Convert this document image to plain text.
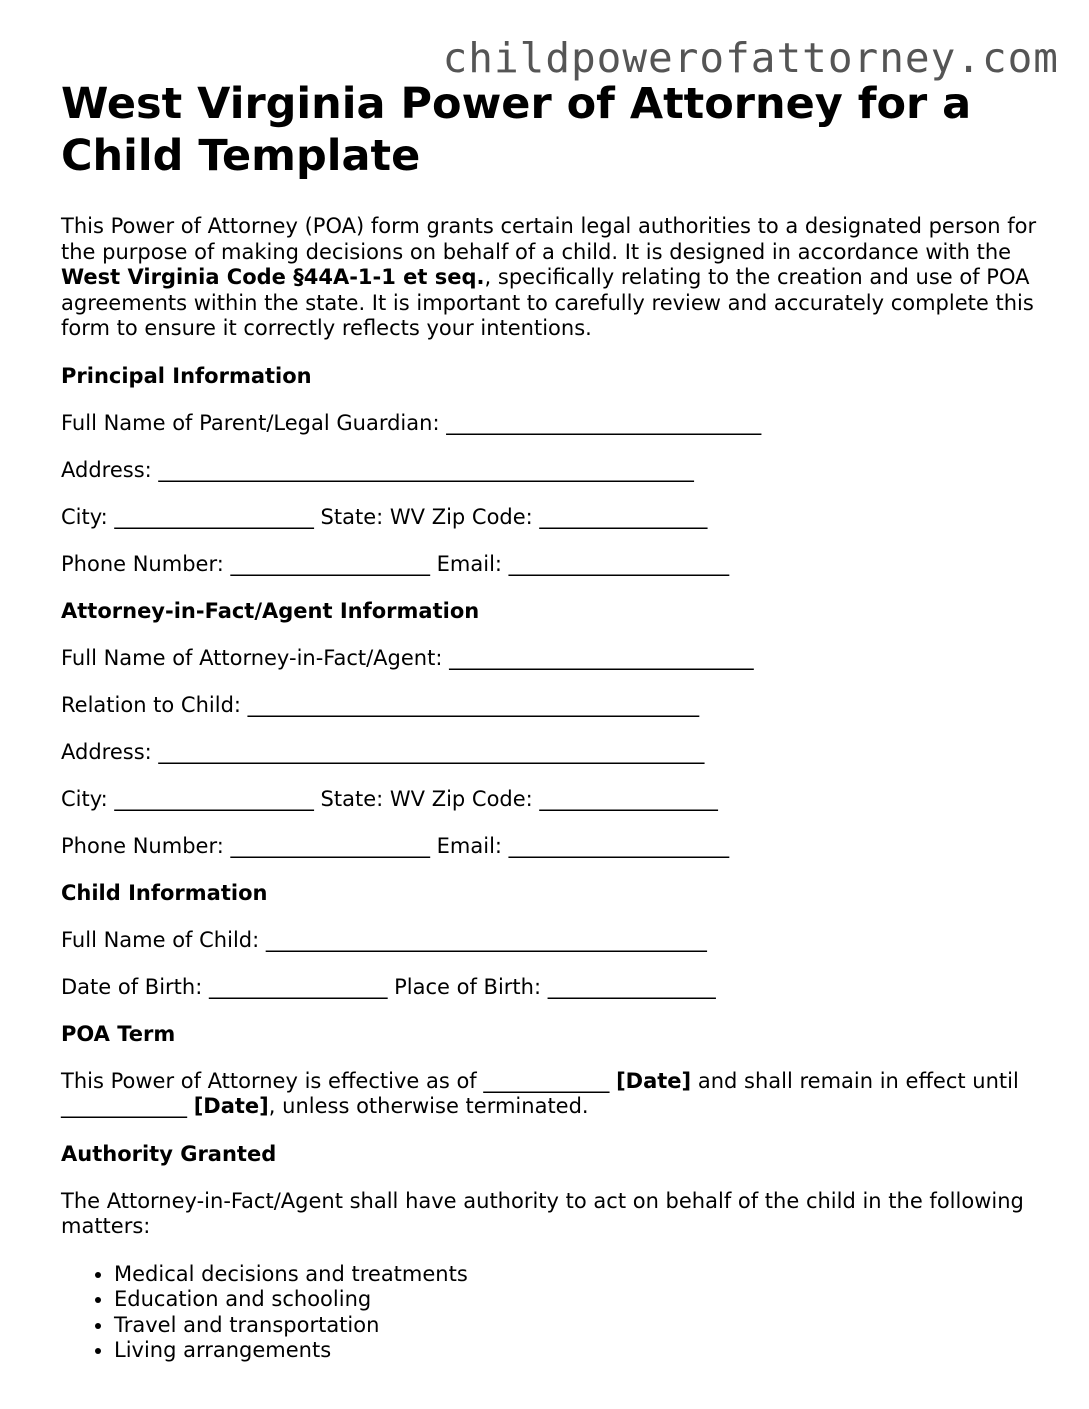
childpowerofattorney.com
West Virginia Power of Attorney for a
Child Template

This Power of Attorney (POA) form grants certain legal authorities to a designated person for the purpose of making decisions on behalf of a child. It is designed in accordance with the West Virginia Code §44A-1-1 et seq., specifically relating to the creation and use of POA agreements within the state. It is important to carefully review and accurately complete this form to ensure it correctly reflects your intentions.

Principal Information
Full Name of Parent/Legal Guardian: ______________________________
Address: ___________________________________________________
City: ___________________ State: WV Zip Code: ________________
Phone Number: ___________________ Email: _____________________
Attorney-in-Fact/Agent Information
Full Name of Attorney-in-Fact/Agent: _____________________________
Relation to Child: ___________________________________________
Address: ____________________________________________________
City: ___________________ State: WV Zip Code: _________________
Phone Number: ___________________ Email: _____________________
Child Information
Full Name of Child: __________________________________________
Date of Birth: _________________ Place of Birth: ________________
POA Term

This Power of Attorney is effective as of ____________ [Date] and shall remain in effect until ____________ [Date], unless otherwise terminated.

Authority Granted

The Attorney-in-Fact/Agent shall have authority to act on behalf of the child in the following matters:

• Medical decisions and treatments
• Education and schooling
• Travel and transportation
• Living arrangements
